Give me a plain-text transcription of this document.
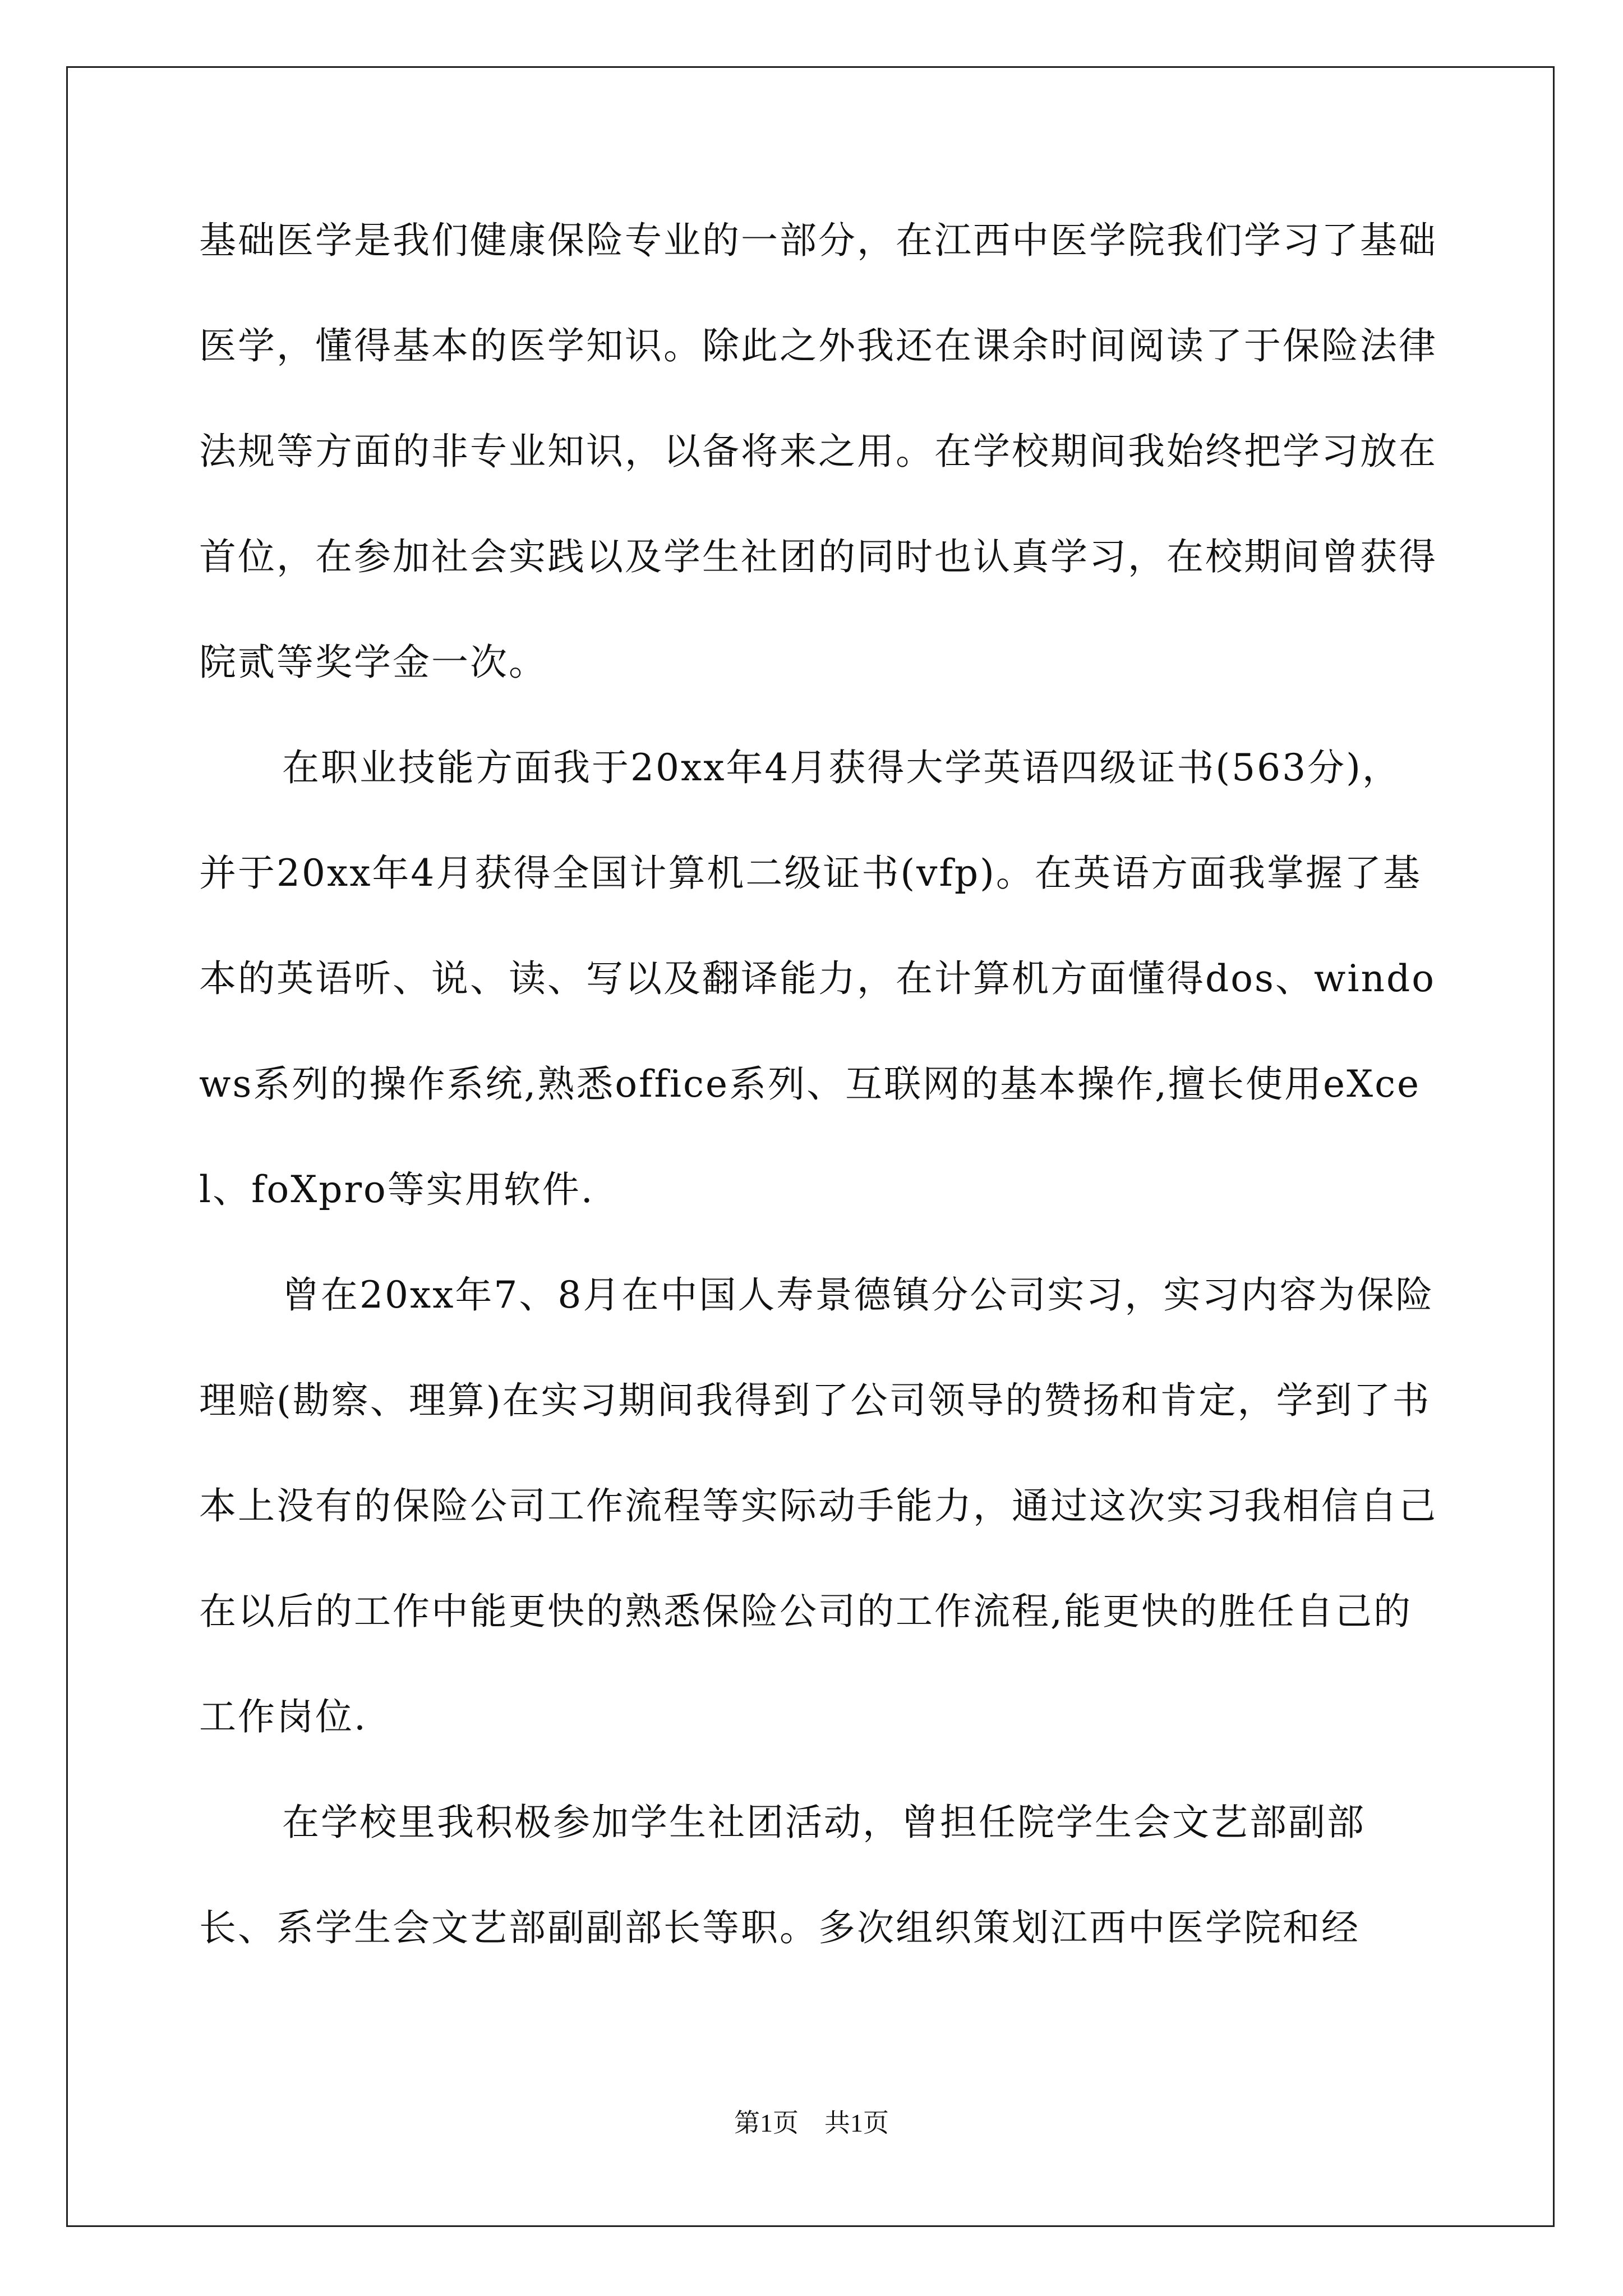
基础医学是我们健康保险专业的一部分，在江西中医学院我们学习了基础医学，懂得基本的医学知识。除此之外我还在课余时间阅读了于保险法律法规等方面的非专业知识，以备将来之用。在学校期间我始终把学习放在首位，在参加社会实践以及学生社团的同时也认真学习，在校期间曾获得院贰等奖学金一次。

在职业技能方面我于20xx年4月获得大学英语四级证书(563分)，并于20xx年4月获得全国计算机二级证书(vfp)。在英语方面我掌握了基本的英语听、说、读、写以及翻译能力，在计算机方面懂得dos、windows系列的操作系统,熟悉office系列、互联网的基本操作,擅长使用eXcel、foXpro等实用软件.

曾在20xx年7、8月在中国人寿景德镇分公司实习，实习内容为保险理赔(勘察、理算)在实习期间我得到了公司领导的赞扬和肯定，学到了书本上没有的保险公司工作流程等实际动手能力，通过这次实习我相信自己在以后的工作中能更快的熟悉保险公司的工作流程,能更快的胜任自己的工作岗位.

在学校里我积极参加学生社团活动，曾担任院学生会文艺部副部长、系学生会文艺部副副部长等职。多次组织策划江西中医学院和经

第1页　共1页
